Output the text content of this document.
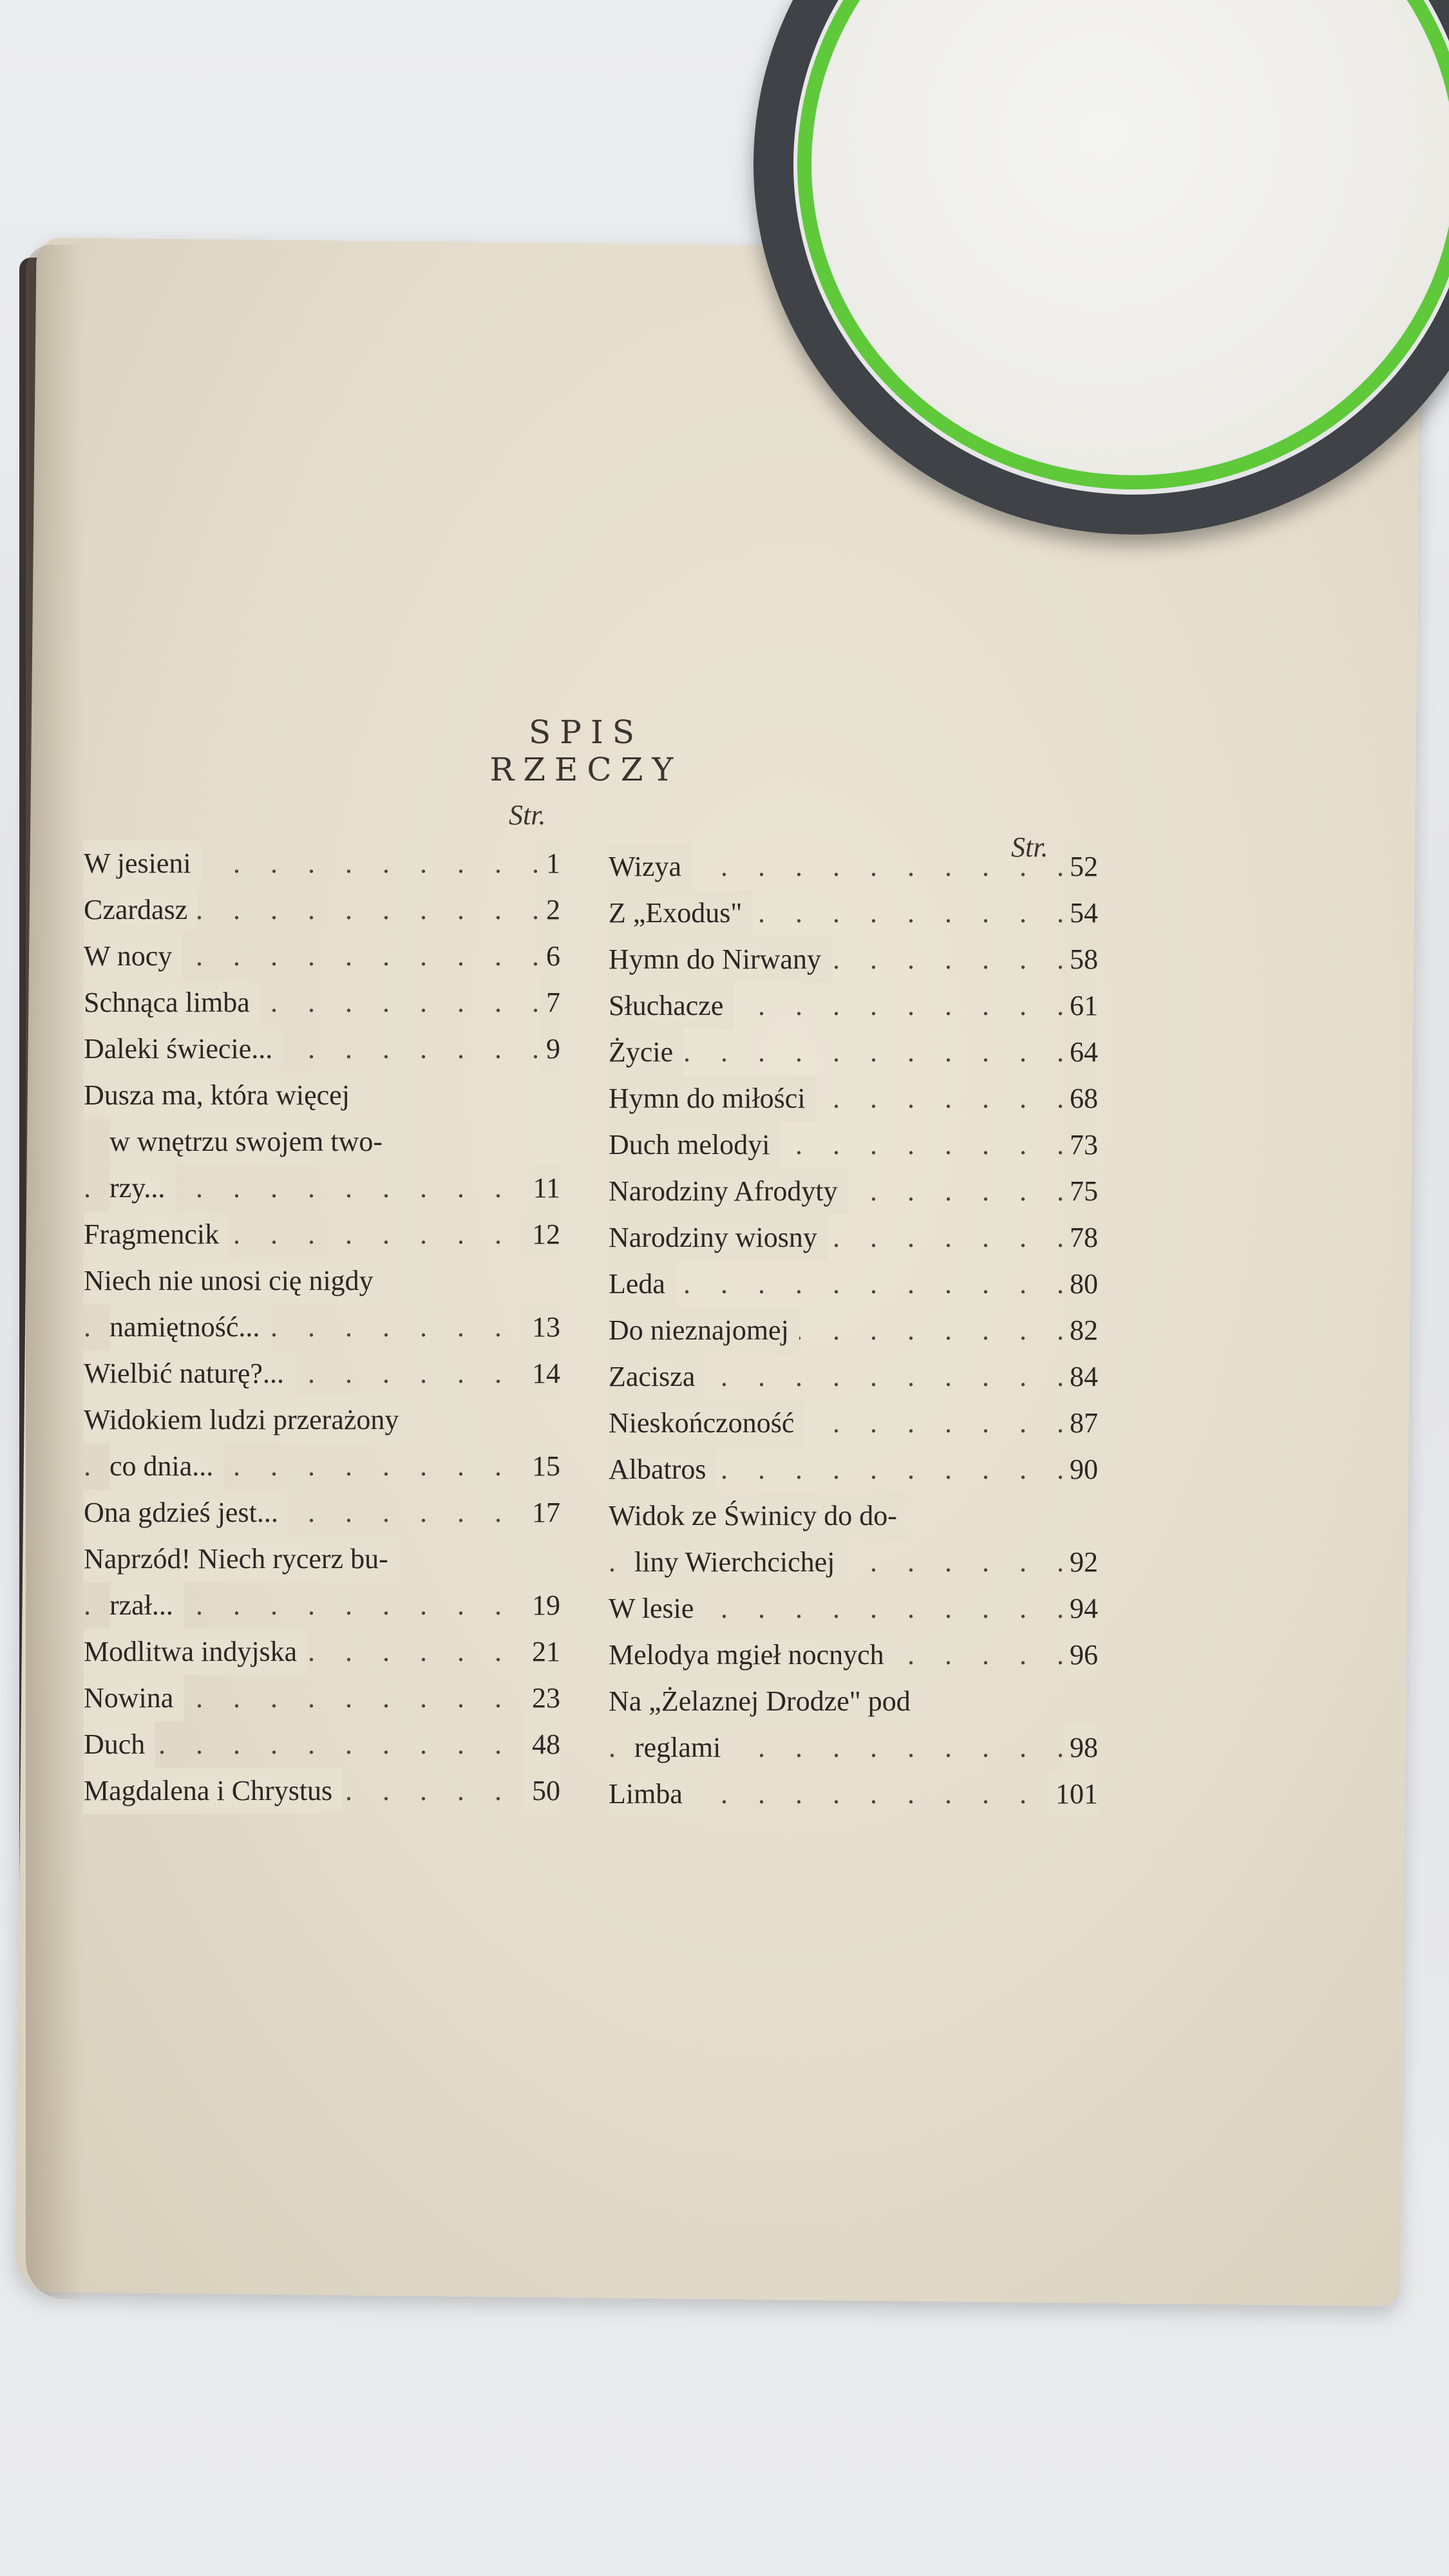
SPIS RZECZY
Str.
Str.
. . .
W jesieni	1
. . .
Czardasz	2
. . .
W nocy	6
. . .
Schnąca limba	7
. . .
Daleki świecie...	9
Dusza ma, która więcej
w wnętrzu swojem two-
. . .
rzy...	11
. . .
Fragmencik	12
Niech nie unosi cię nigdy
. . .
namiętność...	13
. . .
Wielbić naturę?...	14
Widokiem ludzi przerażony
. . .
co dnia...	15
. . .
Ona gdzieś jest...	17
Naprzód! Niech rycerz bu-
. . .
rzał...	19
. . .
Modlitwa indyjska	21
. . .
Nowina	23
. . .
Duch	48
. . .
Magdalena i Chrystus	50
. . .
Wizya	52
. . .
Z „Exodus"	54
. . .
Hymn do Nirwany	58
. . .
Słuchacze	61
. . .
Życie	64
. . .
Hymn do miłości	68
. . .
Duch melodyi	73
. . .
Narodziny Afrodyty	75
. . .
Narodziny wiosny	78
. . .
Leda	80
. . .
Do nieznajomej	82
. . .
Zacisza	84
. . .
Nieskończoność	87
. . .
Albatros	90
Widok ze Świnicy do do-
. . .
liny Wierchcichej	92
. . .
W lesie	94
. . .
Melodya mgieł nocnych	96
Na „Żelaznej Drodze" pod
. . .
reglami	98
. . .
Limba	101
